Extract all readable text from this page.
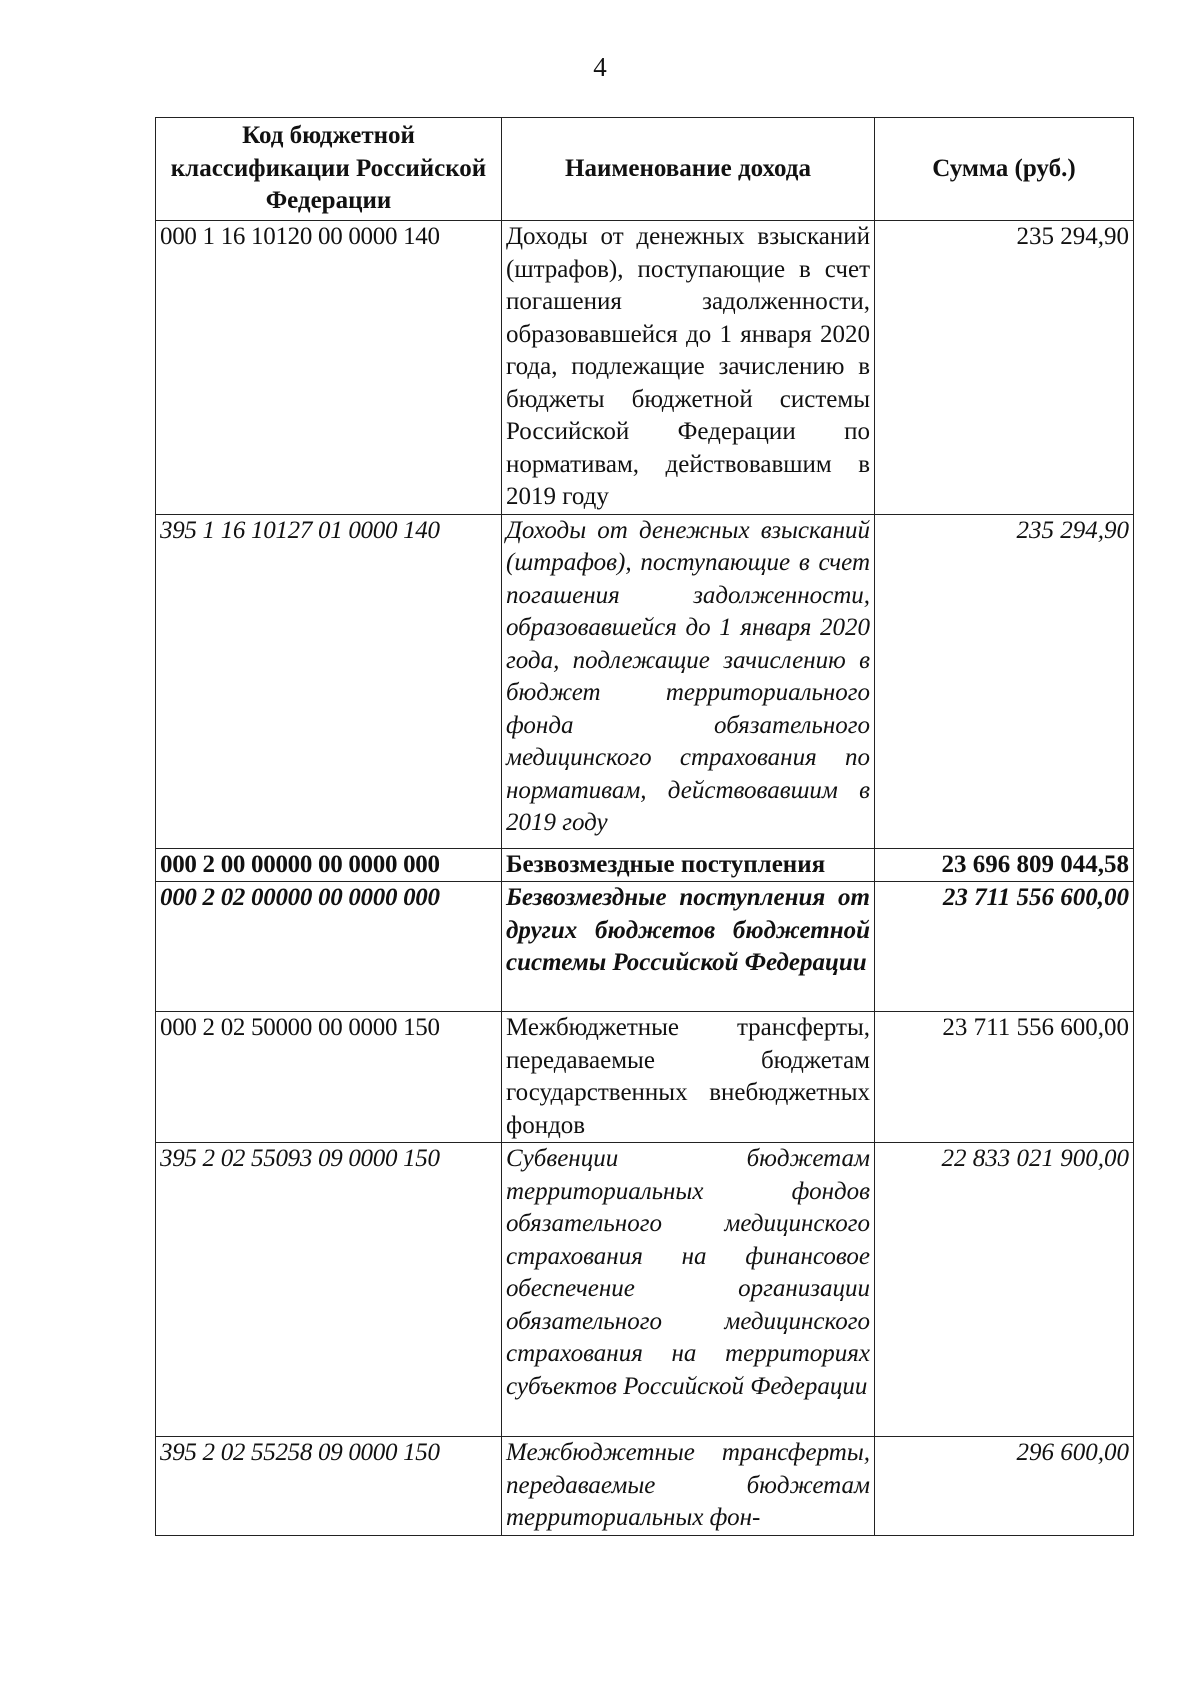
4
Код бюджетной классификации Российской Федерации	Наименование дохода	Сумма (руб.)
000 1 16 10120 00 0000 140	Доходы от денежных взысканий (штрафов), поступающие в счет погашения задолженности, образовавшейся до 1 января 2020 года, подлежащие зачислению в бюджеты бюджетной системы Российской Федерации по нормативам, действовавшим в 2019 году	235 294,90
395 1 16 10127 01 0000 140	Доходы от денежных взысканий (штрафов), поступающие в счет погашения задолженности, образовавшейся до 1 января 2020 года, подлежащие зачислению в бюджет территориального фонда обязательного медицинского страхования по нормативам, действовавшим в 2019 году	235 294,90
000 2 00 00000 00 0000 000	Безвозмездные поступления	23 696 809 044,58
000 2 02 00000 00 0000 000	Безвозмездные поступления от других бюджетов бюджетной системы Российской Федерации	23 711 556 600,00
000 2 02 50000 00 0000 150	Межбюджетные трансферты, передаваемые бюджетам государственных внебюджетных фондов	23 711 556 600,00
395 2 02 55093 09 0000 150	Субвенции бюджетам территориальных фондов обязательного медицинского страхования на финансовое обеспечение организации обязательного медицинского страхования на территориях субъектов Российской Федерации	22 833 021 900,00
395 2 02 55258 09 0000 150	Межбюджетные трансферты, передаваемые бюджетам территориальных фон-	296 600,00
